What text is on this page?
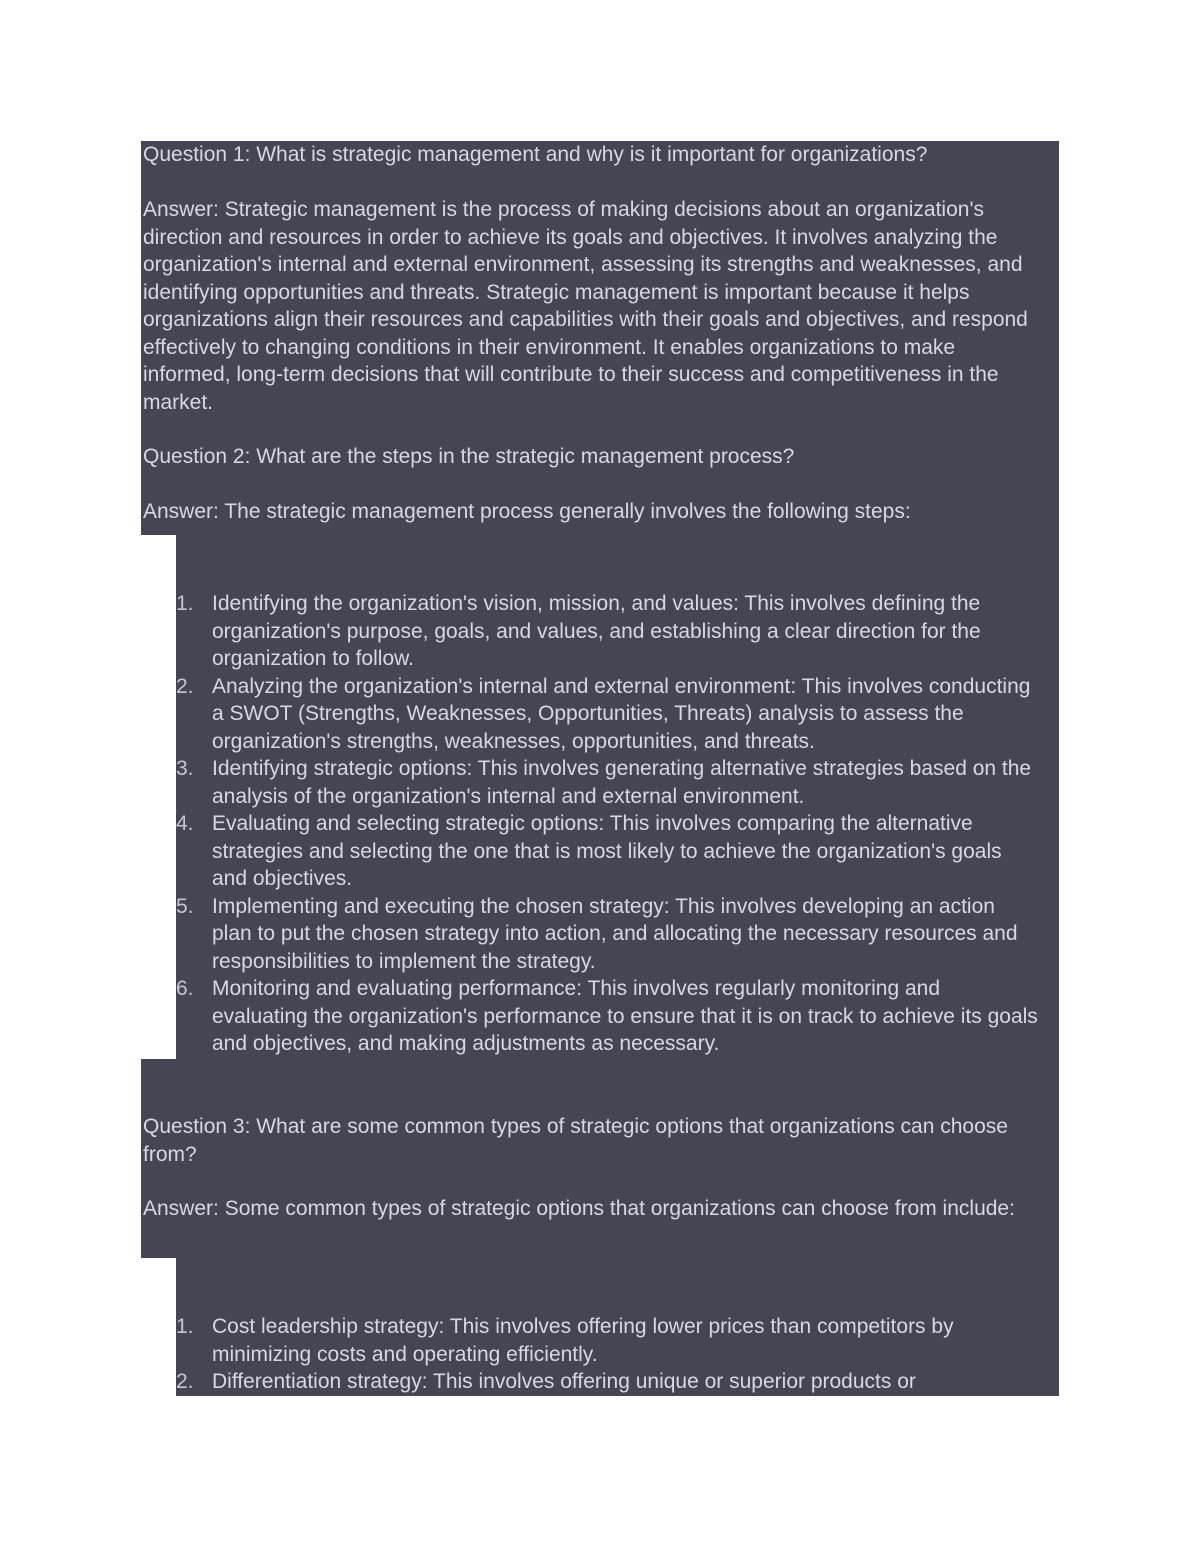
Question 1: What is strategic management and why is it important for organizations?
Answer: Strategic management is the process of making decisions about an organization's direction and resources in order to achieve its goals and objectives. It involves analyzing the organization's internal and external environment, assessing its strengths and weaknesses, and identifying opportunities and threats. Strategic management is important because it helps organizations align their resources and capabilities with their goals and objectives, and respond effectively to changing conditions in their environment. It enables organizations to make informed, long-term decisions that will contribute to their success and competitiveness in the market.
Question 2: What are the steps in the strategic management process?
Answer: The strategic management process generally involves the following steps:
1. Identifying the organization's vision, mission, and values: This involves defining the organization's purpose, goals, and values, and establishing a clear direction for the organization to follow.
2. Analyzing the organization's internal and external environment: This involves conducting a SWOT (Strengths, Weaknesses, Opportunities, Threats) analysis to assess the organization's strengths, weaknesses, opportunities, and threats.
3. Identifying strategic options: This involves generating alternative strategies based on the analysis of the organization's internal and external environment.
4. Evaluating and selecting strategic options: This involves comparing the alternative strategies and selecting the one that is most likely to achieve the organization's goals and objectives.
5. Implementing and executing the chosen strategy: This involves developing an action plan to put the chosen strategy into action, and allocating the necessary resources and responsibilities to implement the strategy.
6. Monitoring and evaluating performance: This involves regularly monitoring and evaluating the organization's performance to ensure that it is on track to achieve its goals and objectives, and making adjustments as necessary.
Question 3: What are some common types of strategic options that organizations can choose from?
Answer: Some common types of strategic options that organizations can choose from include:
1. Cost leadership strategy: This involves offering lower prices than competitors by minimizing costs and operating efficiently.
2. Differentiation strategy: This involves offering unique or superior products or
